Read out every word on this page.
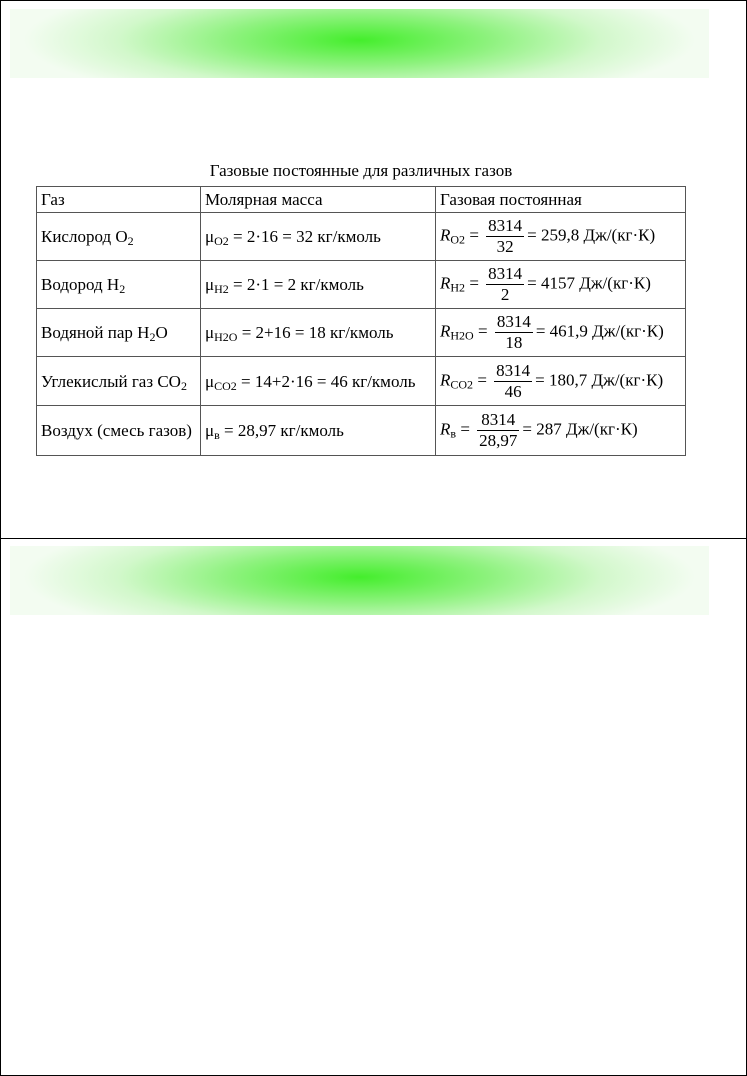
Газовые постоянные для различных газов
Газ	Молярная масса	Газовая постоянная
Кислород $O_2$	$\mu_{O2} = 2\cdot 16 = 32$ кг/кмоль	$R_{O2} = \frac{8314}{32} = 259,8$ Дж/(кг·К)
Водород $H_2$	$\mu_{H2} = 2\cdot 1 = 2$ кг/кмоль	$R_{H2} = \frac{8314}{2} = 4157$ Дж/(кг·К)
Водяной пар $H_2O$	$\mu_{H2O} = 2+16 = 18$ кг/кмоль	$R_{H2O} = \frac{8314}{18} = 461,9$ Дж/(кг·К)
Углекислый газ $CO_2$	$\mu_{CO2} = 14+2\cdot 16 = 46$ кг/кмоль	$R_{CO2} = \frac{8314}{46} = 180,7$ Дж/(кг·К)
Воздух (смесь газов)	$\mu_в = 28,97$ кг/кмоль	$R_в = \frac{8314}{28,97} = 287$ Дж/(кг·К)
